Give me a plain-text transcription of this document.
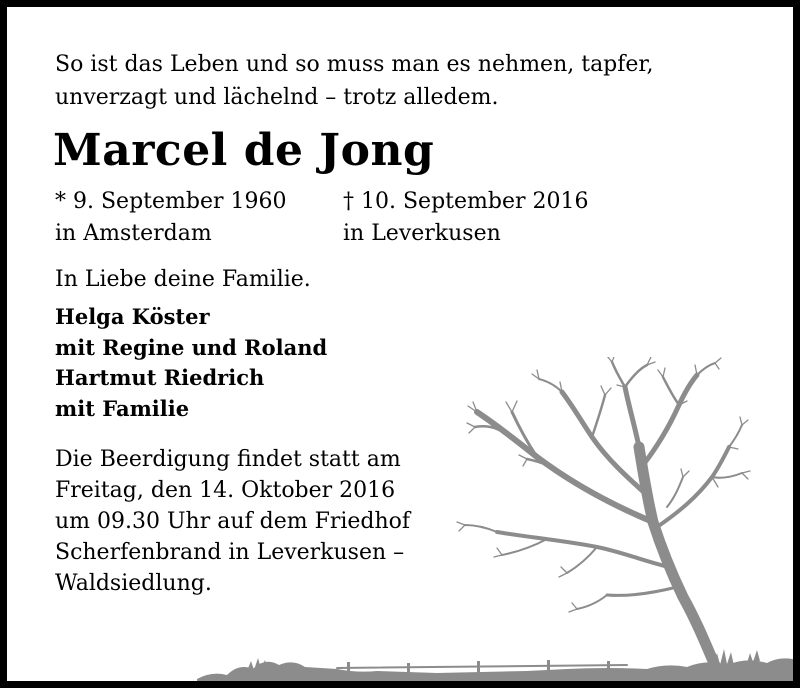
So ist das Leben und so muss man es nehmen, tapfer,
unverzagt und lächelnd – trotz alledem.
Marcel de Jong
* 9. September 1960
in Amsterdam
† 10. September 2016
in Leverkusen
In Liebe deine Familie.
Helga Köster
mit Regine und Roland
Hartmut Riedrich
mit Familie
Die Beerdigung findet statt am
Freitag, den 14. Oktober 2016
um 09.30 Uhr auf dem Friedhof
Scherfenbrand in Leverkusen –
Waldsiedlung.
